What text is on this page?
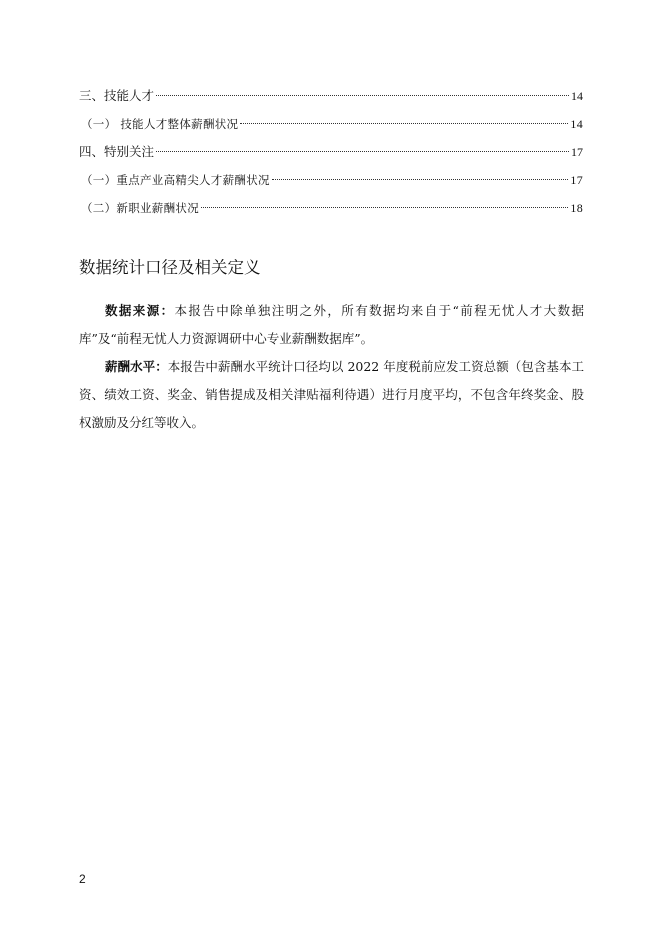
三、技能人才	14
（一） 技能人才整体薪酬状况	14
四、特别关注	17
（一）重点产业高精尖人才薪酬状况	17
（二）新职业薪酬状况	18
数据统计口径及相关定义

数据来源：本报告中除单独注明之外，所有数据均来自于“前程无忧人才大数据库”及“前程无忧人力资源调研中心专业薪酬数据库”。

薪酬水平：本报告中薪酬水平统计口径均以 2022 年度税前应发工资总额（包含基本工资、绩效工资、奖金、销售提成及相关津贴福利待遇）进行月度平均，不包含年终奖金、股权激励及分红等收入。

2
